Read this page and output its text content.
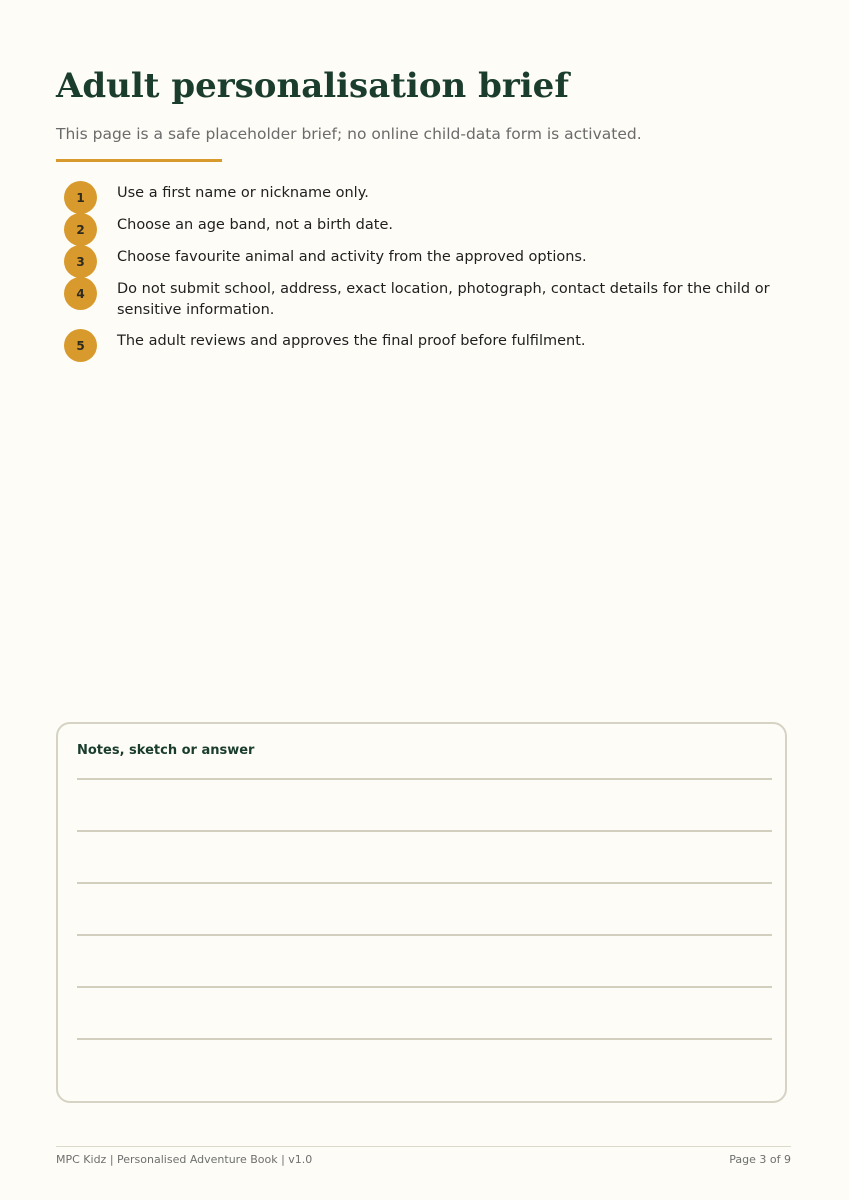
Adult personalisation brief
This page is a safe placeholder brief; no online child-data form is activated.
1	Use a first name or nickname only.
2	Choose an age band, not a birth date.
3	Choose favourite animal and activity from the approved options.
4	Do not submit school, address, exact location, photograph, contact details for the child or sensitive information.
5	The adult reviews and approves the final proof before fulfilment.
Notes, sketch or answer
MPC Kidz | Personalised Adventure Book | v1.0	Page 3 of 9
